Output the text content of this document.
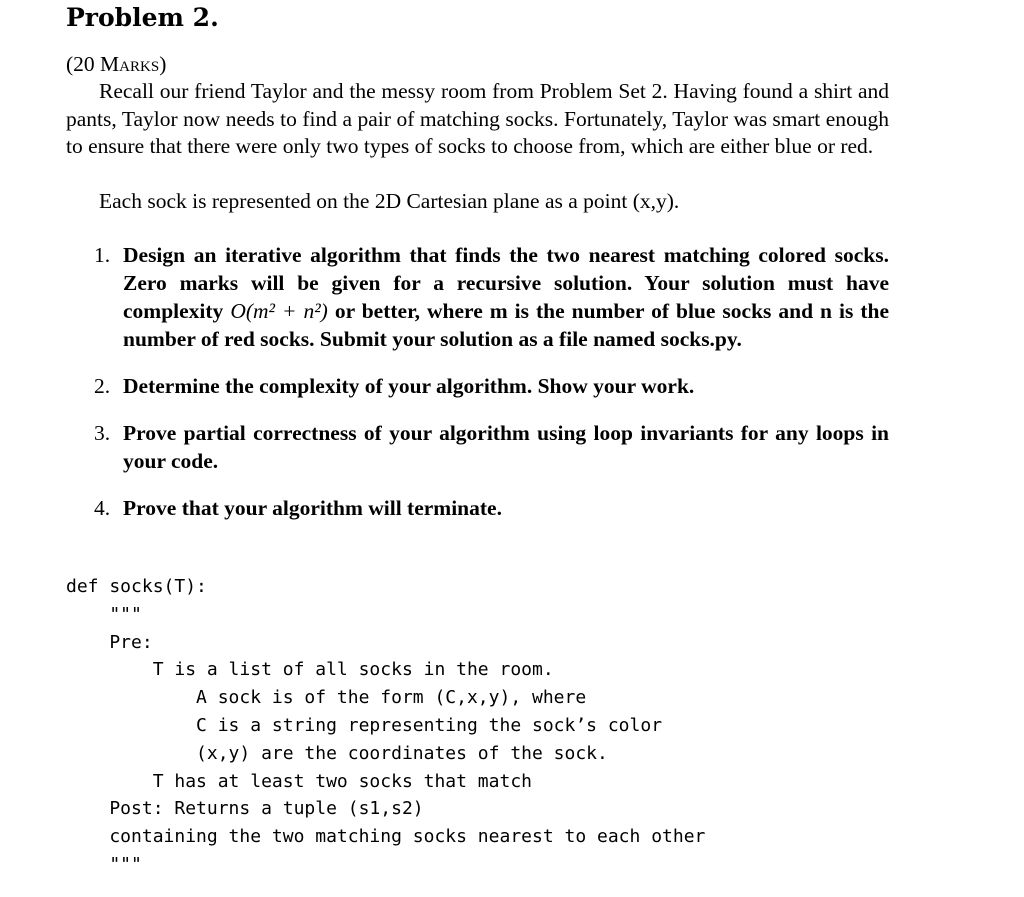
Problem 2.

(20 Marks)

Recall our friend Taylor and the messy room from Problem Set 2. Having found a shirt and pants, Taylor now needs to find a pair of matching socks. Fortunately, Taylor was smart enough to ensure that there were only two types of socks to choose from, which are either blue or red.

Each sock is represented on the 2D Cartesian plane as a point (x,y).

1. Design an iterative algorithm that finds the two nearest matching colored socks. Zero marks will be given for a recursive solution. Your solution must have complexity O(m² + n²) or better, where m is the number of blue socks and n is the number of red socks. Submit your solution as a file named socks.py.
2. Determine the complexity of your algorithm. Show your work.
3. Prove partial correctness of your algorithm using loop invariants for any loops in your code.
4. Prove that your algorithm will terminate.
def socks(T):
"""
Pre:
T is a list of all socks in the room.
A sock is of the form (C,x,y), where
C is a string representing the sock’s color
(x,y) are the coordinates of the sock.
T has at least two socks that match
Post: Returns a tuple (s1,s2)
containing the two matching socks nearest to each other
"""
